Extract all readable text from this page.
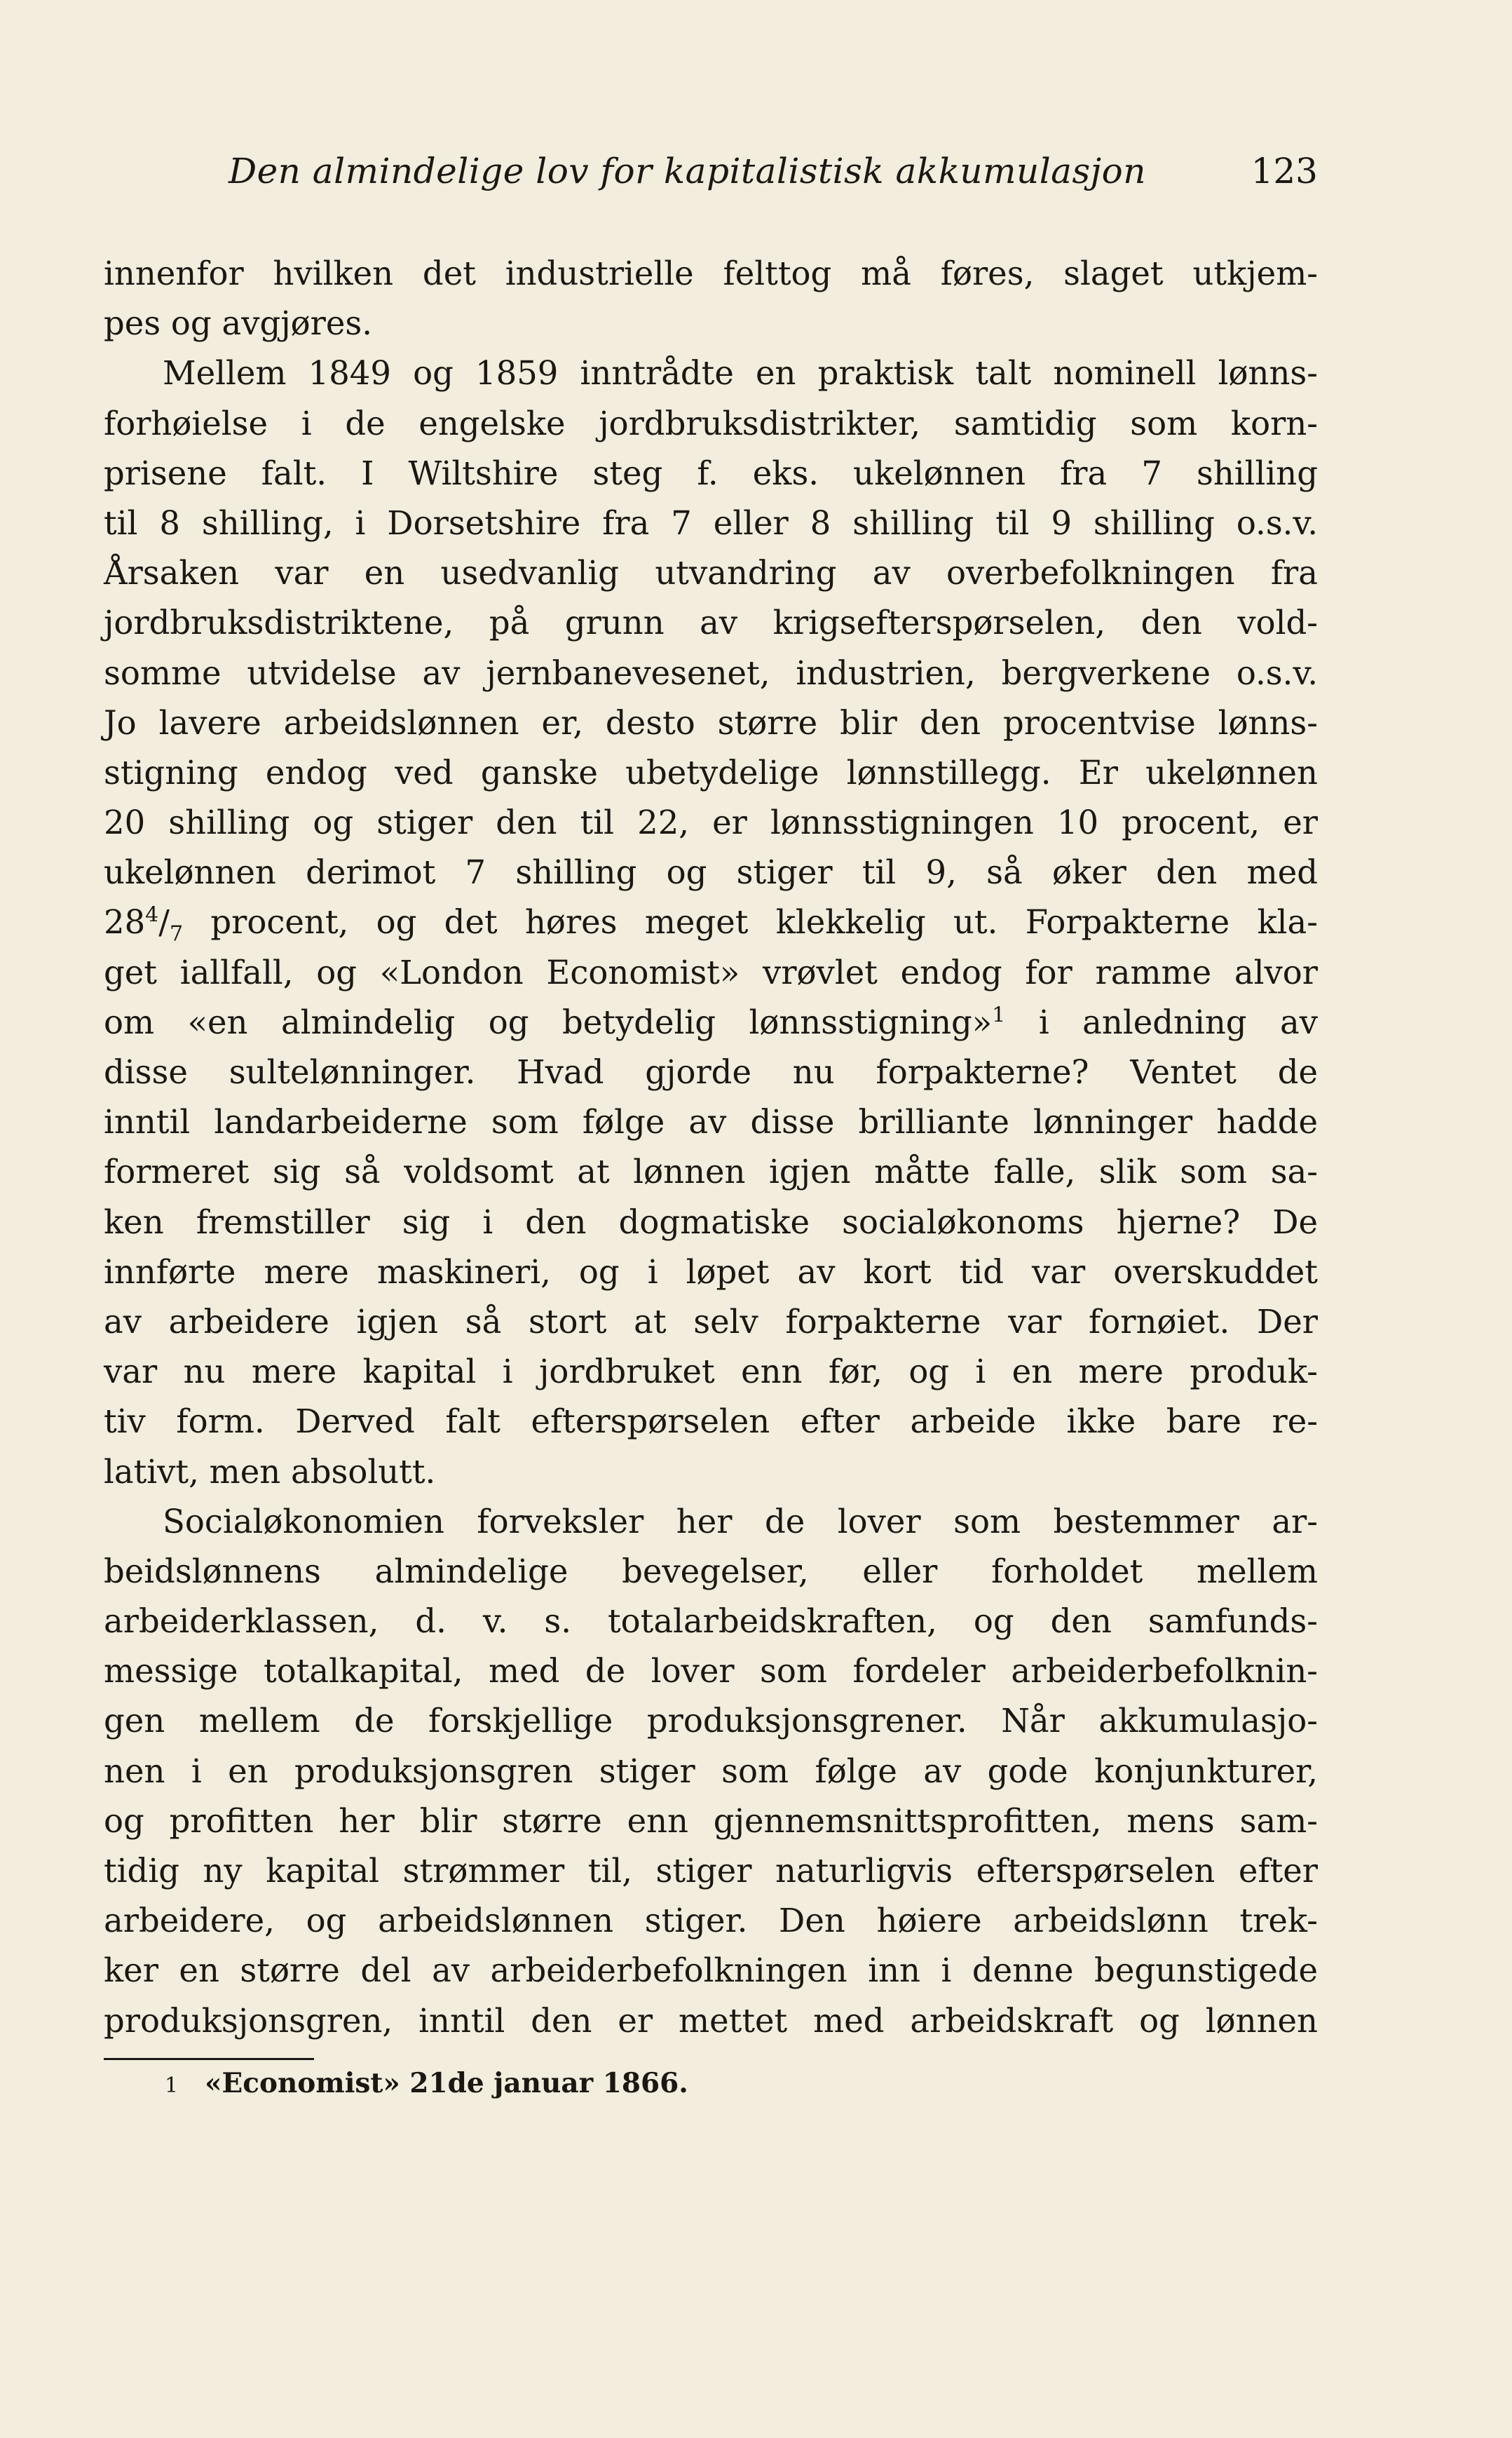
Den almindelige lov for kapitalistisk akkumulasjon	123
innenfor hvilken det industrielle felttog må føres, slaget utkjem-
pes og avgjøres.
Mellem 1849 og 1859 inntrådte en praktisk talt nominell lønns-
forhøielse i de engelske jordbruksdistrikter, samtidig som korn-
prisene falt. I Wiltshire steg f. eks. ukelønnen fra 7 shilling
til 8 shilling, i Dorsetshire fra 7 eller 8 shilling til 9 shilling o.s.v.
Årsaken var en usedvanlig utvandring av overbefolkningen fra
jordbruksdistriktene, på grunn av krigsefterspørselen, den vold-
somme utvidelse av jernbanevesenet, industrien, bergverkene o.s.v.
Jo lavere arbeidslønnen er, desto større blir den procentvise lønns-
stigning endog ved ganske ubetydelige lønnstillegg. Er ukelønnen
20 shilling og stiger den til 22, er lønnsstigningen 10 procent, er
ukelønnen derimot 7 shilling og stiger til 9, så øker den med
$28^4/_7$ procent, og det høres meget klekkelig ut. Forpakterne kla-
get iallfall, og «London Economist» vrøvlet endog for ramme alvor
om «en almindelig og betydelig lønnsstigning»$^1$ i anledning av
disse sultelønninger. Hvad gjorde nu forpakterne? Ventet de
inntil landarbeiderne som følge av disse brilliante lønninger hadde
formeret sig så voldsomt at lønnen igjen måtte falle, slik som sa-
ken fremstiller sig i den dogmatiske socialøkonoms hjerne? De
innførte mere maskineri, og i løpet av kort tid var overskuddet
av arbeidere igjen så stort at selv forpakterne var fornøiet. Der
var nu mere kapital i jordbruket enn før, og i en mere produk-
tiv form. Derved falt efterspørselen efter arbeide ikke bare re-
lativt, men absolutt.
Socialøkonomien forveksler her de lover som bestemmer ar-
beidslønnens almindelige bevegelser, eller forholdet mellem
arbeiderklassen, d. v. s. totalarbeidskraften, og den samfunds-
messige totalkapital, med de lover som fordeler arbeiderbefolknin-
gen mellem de forskjellige produksjonsgrener. Når akkumulasjo-
nen i en produksjonsgren stiger som følge av gode konjunkturer,
og profitten her blir større enn gjennemsnittsprofitten, mens sam-
tidig ny kapital strømmer til, stiger naturligvis efterspørselen efter
arbeidere, og arbeidslønnen stiger. Den høiere arbeidslønn trek-
ker en større del av arbeiderbefolkningen inn i denne begunstigede
produksjonsgren, inntil den er mettet med arbeidskraft og lønnen
1 «Economist» 21de januar 1866.
